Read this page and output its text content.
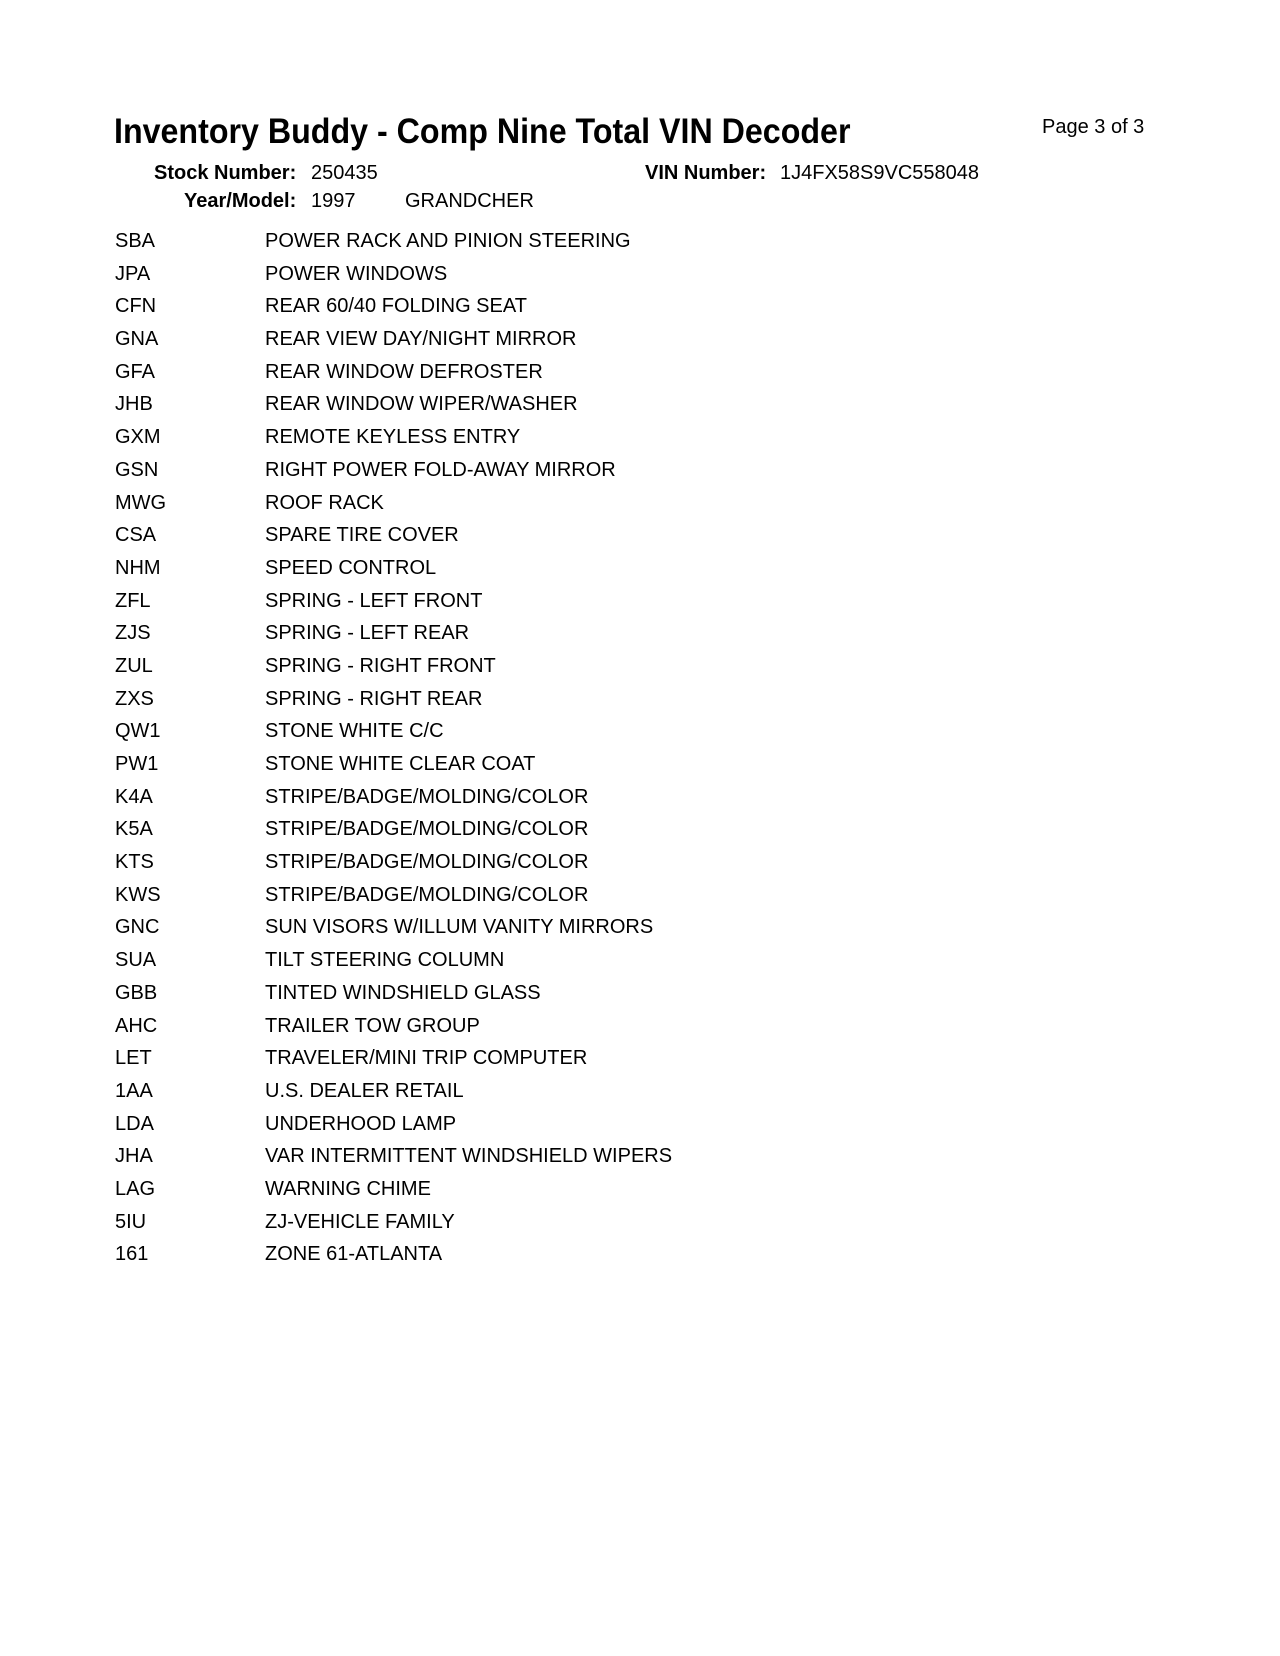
Inventory Buddy - Comp Nine Total VIN Decoder	Page 3 of 3
Stock Number: 250435	VIN Number: 1J4FX58S9VC558048
Year/Model: 1997 GRANDCHER
SBA	POWER RACK AND PINION STEERING
JPA	POWER WINDOWS
CFN	REAR 60/40 FOLDING SEAT
GNA	REAR VIEW DAY/NIGHT MIRROR
GFA	REAR WINDOW DEFROSTER
JHB	REAR WINDOW WIPER/WASHER
GXM	REMOTE KEYLESS ENTRY
GSN	RIGHT POWER FOLD-AWAY MIRROR
MWG	ROOF RACK
CSA	SPARE TIRE COVER
NHM	SPEED CONTROL
ZFL	SPRING - LEFT FRONT
ZJS	SPRING - LEFT REAR
ZUL	SPRING - RIGHT FRONT
ZXS	SPRING - RIGHT REAR
QW1	STONE WHITE C/C
PW1	STONE WHITE CLEAR COAT
K4A	STRIPE/BADGE/MOLDING/COLOR
K5A	STRIPE/BADGE/MOLDING/COLOR
KTS	STRIPE/BADGE/MOLDING/COLOR
KWS	STRIPE/BADGE/MOLDING/COLOR
GNC	SUN VISORS W/ILLUM VANITY MIRRORS
SUA	TILT STEERING COLUMN
GBB	TINTED WINDSHIELD GLASS
AHC	TRAILER TOW GROUP
LET	TRAVELER/MINI TRIP COMPUTER
1AA	U.S. DEALER RETAIL
LDA	UNDERHOOD LAMP
JHA	VAR INTERMITTENT WINDSHIELD WIPERS
LAG	WARNING CHIME
5IU	ZJ-VEHICLE FAMILY
161	ZONE 61-ATLANTA
